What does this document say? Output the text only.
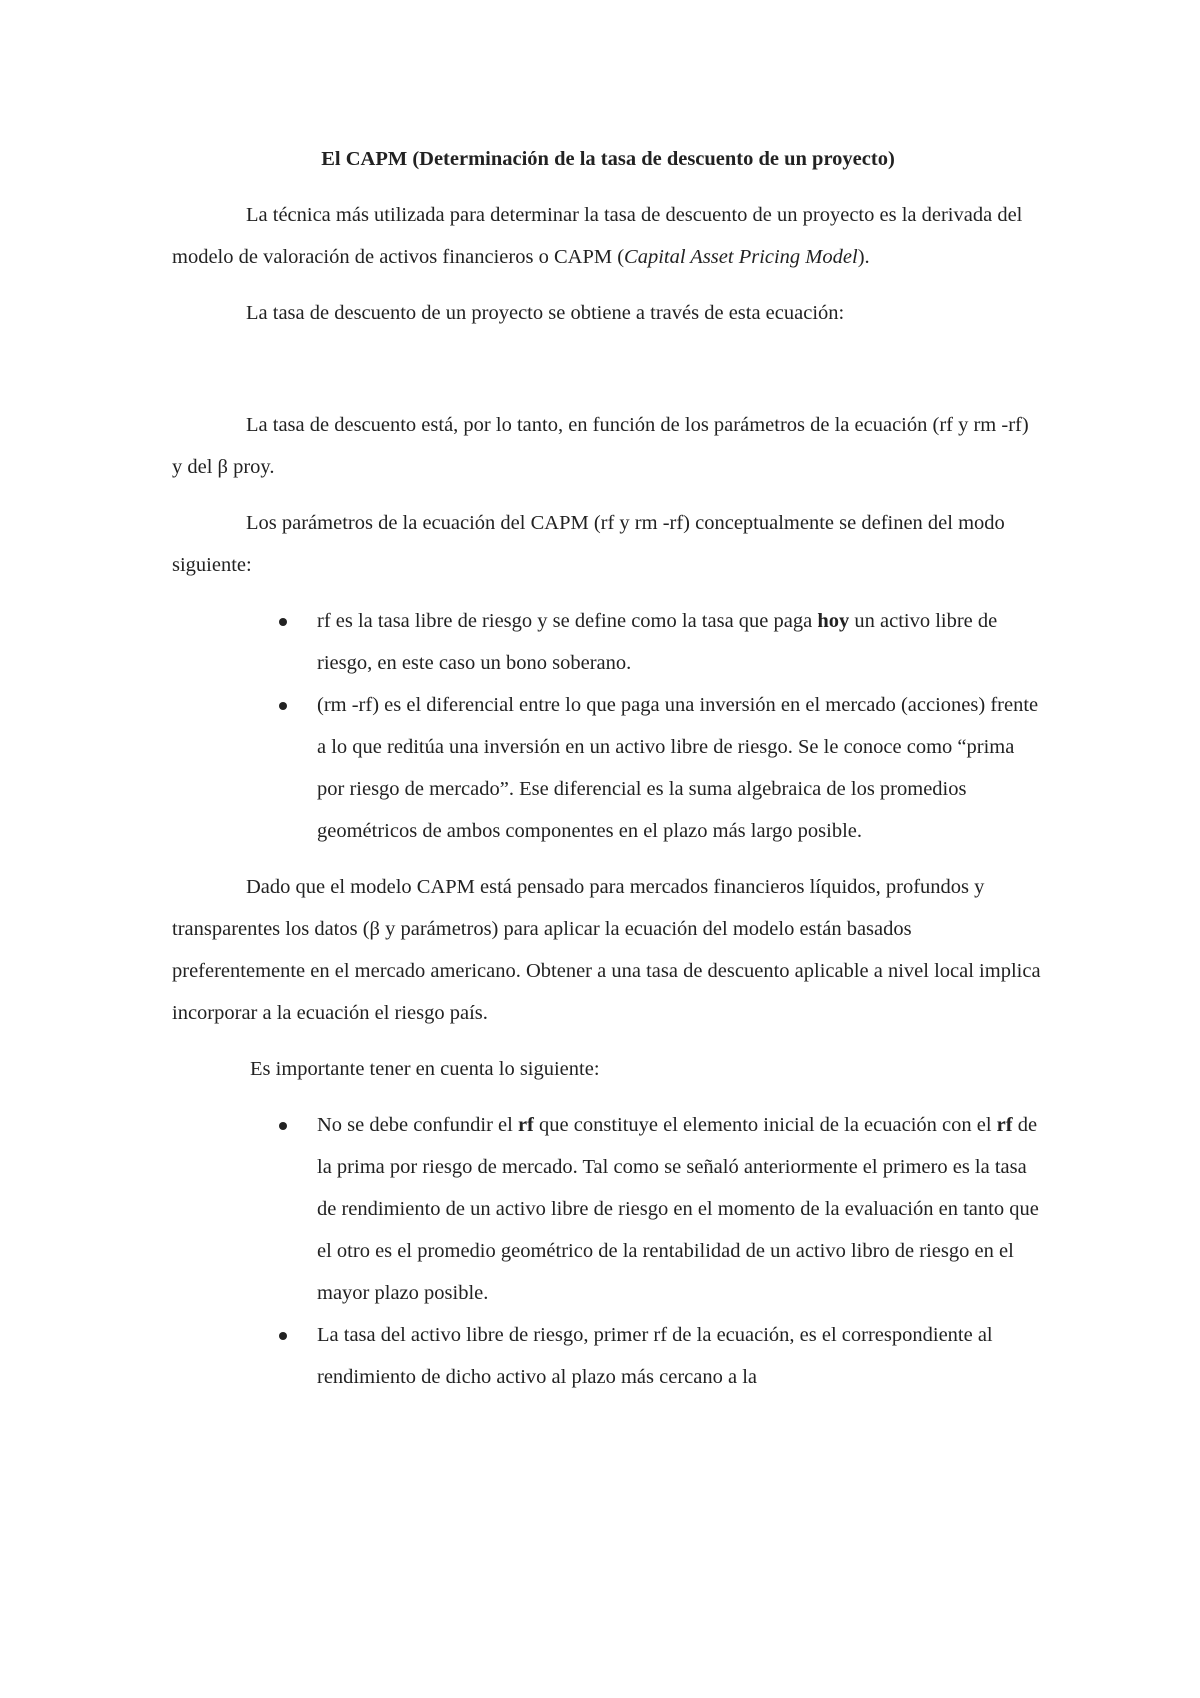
El CAPM (Determinación de la tasa de descuento de un proyecto)

La técnica más utilizada para determinar la tasa de descuento de un proyecto es la derivada del modelo de valoración de activos financieros o CAPM (Capital Asset Pricing Model).

La tasa de descuento de un proyecto se obtiene a través de esta ecuación:

La tasa de descuento está, por lo tanto, en función de los parámetros de la ecuación (rf y rm -rf) y del β proy.

Los parámetros de la ecuación del CAPM (rf y rm -rf) conceptualmente se definen del modo siguiente:

rf es la tasa libre de riesgo y se define como la tasa que paga hoy un activo libre de riesgo, en este caso un bono soberano.
(rm -rf) es el diferencial entre lo que paga una inversión en el mercado (acciones) frente a lo que reditúa una inversión en un activo libre de riesgo. Se le conoce como “prima por riesgo de mercado”. Ese diferencial es la suma algebraica de los promedios geométricos de ambos componentes en el plazo más largo posible.

Dado que el modelo CAPM está pensado para mercados financieros líquidos, profundos y transparentes los datos (β y parámetros) para aplicar la ecuación del modelo están basados preferentemente en el mercado americano. Obtener a una tasa de descuento aplicable a nivel local implica incorporar a la ecuación el riesgo país.

Es importante tener en cuenta lo siguiente:

No se debe confundir el rf que constituye el elemento inicial de la ecuación con el rf de la prima por riesgo de mercado. Tal como se señaló anteriormente el primero es la tasa de rendimiento de un activo libre de riesgo en el momento de la evaluación en tanto que el otro es el promedio geométrico de la rentabilidad de un activo libro de riesgo en el mayor plazo posible.
La tasa del activo libre de riesgo, primer rf de la ecuación, es el correspondiente al rendimiento de dicho activo al plazo más cercano a la
